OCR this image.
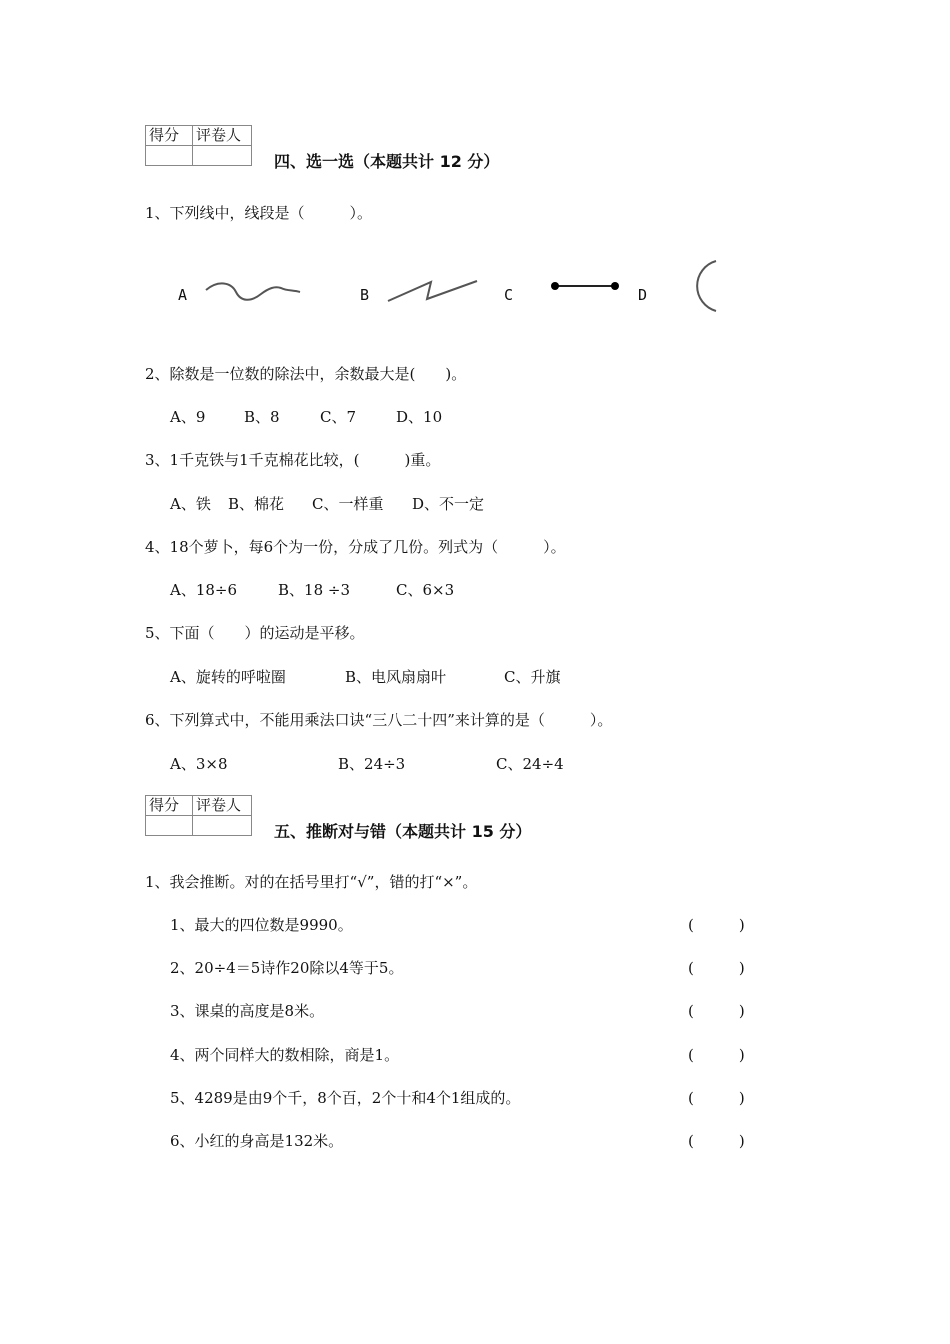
得分	评卷人

四、选一选（本题共计 12 分）
1、下列线中，线段是（　　　）。
A	B	C	D
2、除数是一位数的除法中，余数最大是(　　)。
A、9	B、8	C、7	D、10
3、1千克铁与1千克棉花比较，(　　　)重。
A、铁 B、棉花 C、一样重 D、不一定
4、18个萝卜，每6个为一份，分成了几份。列式为（　　　）。
A、18÷6	B、18 ÷3	C、6×3
5、下面（　　）的运动是平移。
A、旋转的呼啦圈	B、电风扇扇叶	C、升旗
6、下列算式中，不能用乘法口诀“三八二十四”来计算的是（　　　）。
A、3×8	B、24÷3	C、24÷4
得分	评卷人

五、推断对与错（本题共计 15 分）
1、我会推断。对的在括号里打“√”，错的打“×”。
1、最大的四位数是9990。	(　　　)
2、20÷4＝5诗作20除以4等于5。	(　　　)
3、课桌的高度是8米。	(　　　)
4、两个同样大的数相除，商是1。	(　　　)
5、4289是由9个千，8个百，2个十和4个1组成的。	(　　　)
6、小红的身高是132米。	(　　　)
